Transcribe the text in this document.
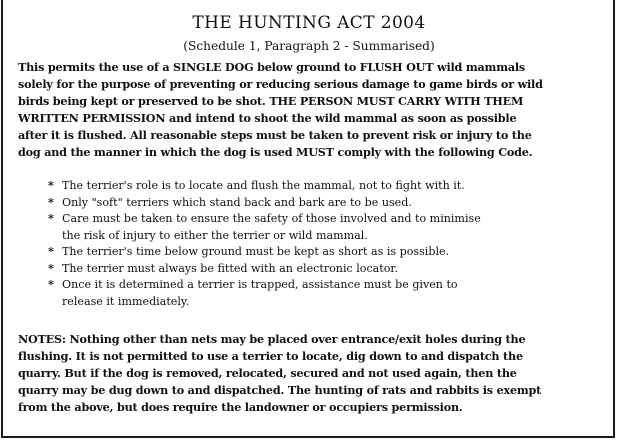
THE HUNTING ACT 2004
(Schedule 1, Paragraph 2 - Summarised)
This permits the use of a SINGLE DOG below ground to FLUSH OUT wild mammals
solely for the purpose of preventing or reducing serious damage to game birds or wild
birds being kept or preserved to be shot. THE PERSON MUST CARRY WITH THEM
WRITTEN PERMISSION and intend to shoot the wild mammal as soon as possible
after it is flushed. All reasonable steps must be taken to prevent risk or injury to the
dog and the manner in which the dog is used MUST comply with the following Code.
* The terrier's role is to locate and flush the mammal, not to fight with it.
* Only "soft" terriers which stand back and bark are to be used.
* Care must be taken to ensure the safety of those involved and to minimise
the risk of injury to either the terrier or wild mammal.
* The terrier's time below ground must be kept as short as is possible.
* The terrier must always be fitted with an electronic locator.
* Once it is determined a terrier is trapped, assistance must be given to
release it immediately.
NOTES: Nothing other than nets may be placed over entrance/exit holes during the
flushing. It is not permitted to use a terrier to locate, dig down to and dispatch the
quarry. But if the dog is removed, relocated, secured and not used again, then the
quarry may be dug down to and dispatched. The hunting of rats and rabbits is exempt
from the above, but does require the landowner or occupiers permission.
